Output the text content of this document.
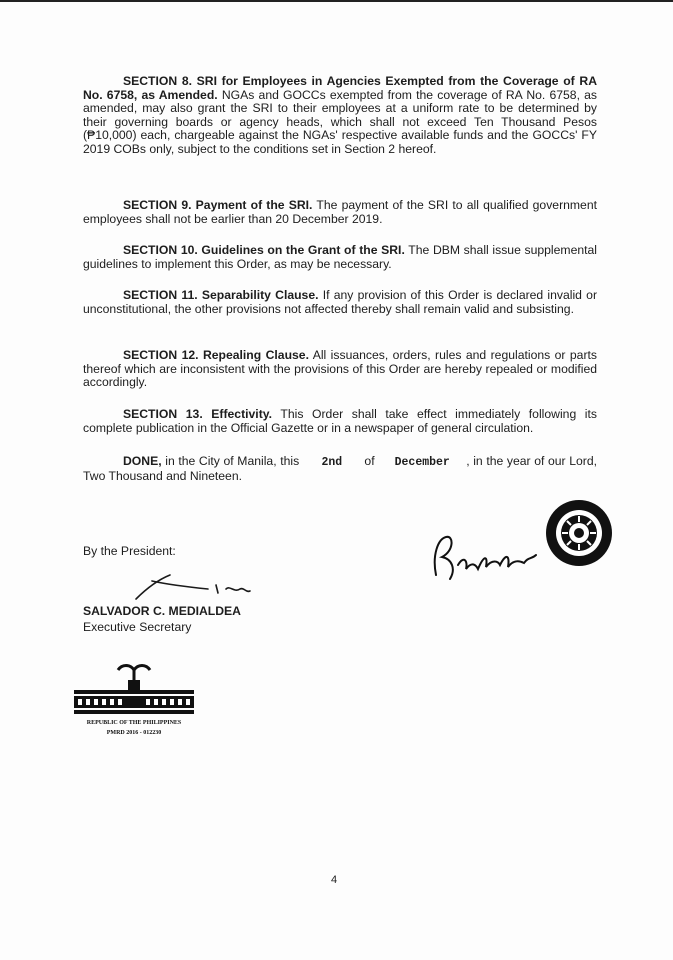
SECTION 8. SRI for Employees in Agencies Exempted from the Coverage of RA No. 6758, as Amended. NGAs and GOCCs exempted from the coverage of RA No. 6758, as amended, may also grant the SRI to their employees at a uniform rate to be determined by their governing boards or agency heads, which shall not exceed Ten Thousand Pesos (₱10,000) each, chargeable against the NGAs' respective available funds and the GOCCs' FY 2019 COBs only, subject to the conditions set in Section 2 hereof.

SECTION 9. Payment of the SRI. The payment of the SRI to all qualified government employees shall not be earlier than 20 December 2019.

SECTION 10. Guidelines on the Grant of the SRI. The DBM shall issue supplemental guidelines to implement this Order, as may be necessary.

SECTION 11. Separability Clause. If any provision of this Order is declared invalid or unconstitutional, the other provisions not affected thereby shall remain valid and subsisting.

SECTION 12. Repealing Clause. All issuances, orders, rules and regulations or parts thereof which are inconsistent with the provisions of this Order are hereby repealed or modified accordingly.

SECTION 13. Effectivity. This Order shall take effect immediately following its complete publication in the Official Gazette or in a newspaper of general circulation.

DONE, in the City of Manila, this 2nd of December , in the year of our Lord, Two Thousand and Nineteen.

By the President:
SALVADOR C. MEDIALDEA
Executive Secretary
REPUBLIC OF THE PHILIPPINES
PMRD 2016 - 012230
4
